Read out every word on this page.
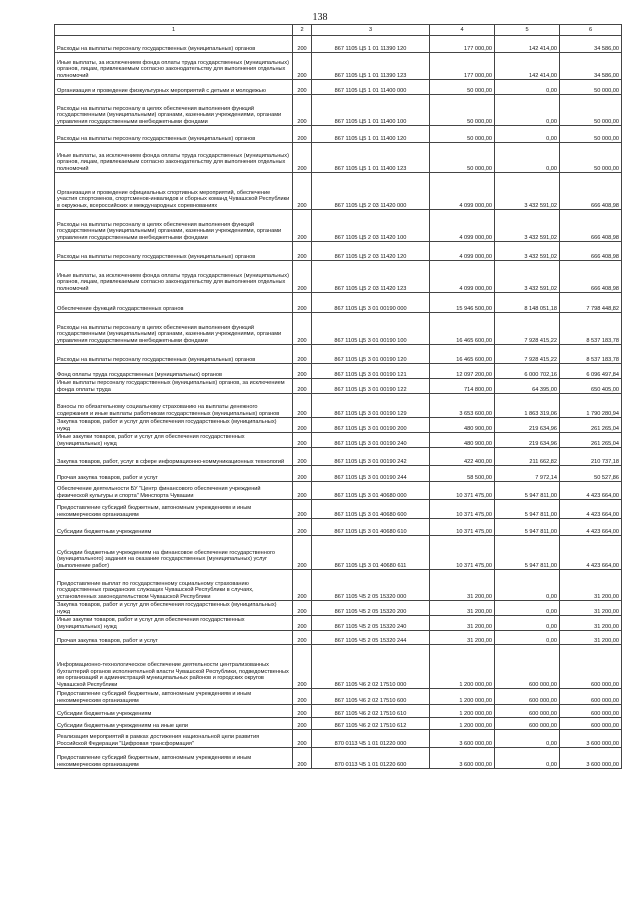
138
1	2	3	4	5	6

Расходы на выплаты персоналу государственных (муниципальных) органов	200	867 1105 Ц5 1 01 11390 120	177 000,00	142 414,00	34 586,00

Иные выплаты, за исключением фонда оплаты труда государственных (муниципальных) органов, лицам, привлекаемым согласно законодательству для выполнения отдельных полномочий	200	867 1105 Ц5 1 01 11390 123	177 000,00	142 414,00	34 586,00

Организация и проведение физкультурных мероприятий с детьми и молодежью	200	867 1105 Ц5 1 01 11400 000	50 000,00	0,00	50 000,00

Расходы на выплаты персоналу в целях обеспечения выполнения функций государственными (муниципальными) органами, казенными учреждениями, органами управления государственными внебюджетными фондами	200	867 1105 Ц5 1 01 11400 100	50 000,00	0,00	50 000,00

Расходы на выплаты персоналу государственных (муниципальных) органов	200	867 1105 Ц5 1 01 11400 120	50 000,00	0,00	50 000,00

Иные выплаты, за исключением фонда оплаты труда государственных (муниципальных) органов, лицам, привлекаемым согласно законодательству для выполнения отдельных полномочий	200	867 1105 Ц5 1 01 11400 123	50 000,00	0,00	50 000,00

Организация и проведение официальных спортивных мероприятий, обеспечение участия спортсменов, спортсменов-инвалидов и сборных команд Чувашской Республики в окружных, всероссийских и международных соревнованиях	200	867 1105 Ц5 2 03 11420 000	4 099 000,00	3 432 591,02	666 408,98

Расходы на выплаты персоналу в целях обеспечения выполнения функций государственными (муниципальными) органами, казенными учреждениями, органами управления государственными внебюджетными фондами	200	867 1105 Ц5 2 03 11420 100	4 099 000,00	3 432 591,02	666 408,98

Расходы на выплаты персоналу государственных (муниципальных) органов	200	867 1105 Ц5 2 03 11420 120	4 099 000,00	3 432 591,02	666 408,98

Иные выплаты, за исключением фонда оплаты труда государственных (муниципальных) органов, лицам, привлекаемым согласно законодательству для выполнения отдельных полномочий	200	867 1105 Ц5 2 03 11420 123	4 099 000,00	3 432 591,02	666 408,98

Обеспечение функций государственных органов	200	867 1105 Ц5 3 01 00190 000	15 946 500,00	8 148 051,18	7 798 448,82

Расходы на выплаты персоналу в целях обеспечения выполнения функций государственными (муниципальными) органами, казенными учреждениями, органами управления государственными внебюджетными фондами	200	867 1105 Ц5 3 01 00190 100	16 465 600,00	7 928 415,22	8 537 183,78

Расходы на выплаты персоналу государственных (муниципальных) органов	200	867 1105 Ц5 3 01 00190 120	16 465 600,00	7 928 415,22	8 537 183,78

Фонд оплаты труда государственных (муниципальных) органов	200	867 1105 Ц5 3 01 00190 121	12 097 200,00	6 000 702,16	6 096 497,84

Иные выплаты персоналу государственных (муниципальных) органов, за исключением фонда оплаты труда	200	867 1105 Ц5 3 01 00190 122	714 800,00	64 395,00	650 405,00

Взносы по обязательному социальному страхованию на выплаты денежного содержания и иные выплаты работникам государственных (муниципальных) органов	200	867 1105 Ц5 3 01 00190 129	3 653 600,00	1 863 319,06	1 790 280,94

Закупка товаров, работ и услуг для обеспечения государственных (муниципальных) нужд	200	867 1105 Ц5 3 01 00190 200	480 900,00	219 634,96	261 265,04

Иные закупки товаров, работ и услуг для обеспечения государственных (муниципальных) нужд	200	867 1105 Ц5 3 01 00190 240	480 900,00	219 634,96	261 265,04

Закупка товаров, работ, услуг в сфере информационно-коммуникационных технологий	200	867 1105 Ц5 3 01 00190 242	422 400,00	211 662,82	210 737,18

Прочая закупка товаров, работ и услуг	200	867 1105 Ц5 3 01 00190 244	58 500,00	7 972,14	50 527,86

Обеспечение деятельности БУ "Центр финансового обеспечения учреждений физической культуры и спорта" Минспорта Чувашии	200	867 1105 Ц5 3 01 40680 000	10 371 475,00	5 947 811,00	4 423 664,00

Предоставление субсидий бюджетным, автономным учреждениям и иным некоммерческим организациям	200	867 1105 Ц5 3 01 40680 600	10 371 475,00	5 947 811,00	4 423 664,00

Субсидии бюджетным учреждениям	200	867 1105 Ц5 3 01 40680 610	10 371 475,00	5 947 811,00	4 423 664,00

Субсидии бюджетным учреждениям на финансовое обеспечение государственного (муниципального) задания на оказание государственных (муниципальных) услуг (выполнение работ)	200	867 1105 Ц5 3 01 40680 611	10 371 475,00	5 947 811,00	4 423 664,00

Предоставление выплат по государственному социальному страхованию государственных гражданских служащих Чувашской Республики в случаях, установленных законодательством Чувашской Республики	200	867 1105 Ч5 2 05 15320 000	31 200,00	0,00	31 200,00

Закупка товаров, работ и услуг для обеспечения государственных (муниципальных) нужд	200	867 1105 Ч5 2 05 15320 200	31 200,00	0,00	31 200,00

Иные закупки товаров, работ и услуг для обеспечения государственных (муниципальных) нужд	200	867 1105 Ч5 2 05 15320 240	31 200,00	0,00	31 200,00

Прочая закупка товаров, работ и услуг	200	867 1105 Ч5 2 05 15320 244	31 200,00	0,00	31 200,00

Информационно-технологическое обеспечение деятельности централизованных бухгалтерий органов исполнительной власти Чувашской Республики, подведомственных им организаций и администраций муниципальных районов и городских округов Чувашской Республики	200	867 1105 Ч6 2 02 17510 000	1 200 000,00	600 000,00	600 000,00

Предоставление субсидий бюджетным, автономным учреждениям и иным некоммерческим организациям	200	867 1105 Ч6 2 02 17510 600	1 200 000,00	600 000,00	600 000,00

Субсидии бюджетным учреждениям	200	867 1105 Ч6 2 02 17510 610	1 200 000,00	600 000,00	600 000,00

Субсидии бюджетным учреждениям на иные цели	200	867 1105 Ч6 2 02 17510 612	1 200 000,00	600 000,00	600 000,00

Реализация мероприятий в рамках достижения национальной цели развития Российской Федерации "Цифровая трансформация"	200	870 0113 Ч5 1 01 01220 000	3 600 000,00	0,00	3 600 000,00

Предоставление субсидий бюджетным, автономным учреждениям и иным некоммерческим организациям	200	870 0113 Ч5 1 01 01220 600	3 600 000,00	0,00	3 600 000,00
